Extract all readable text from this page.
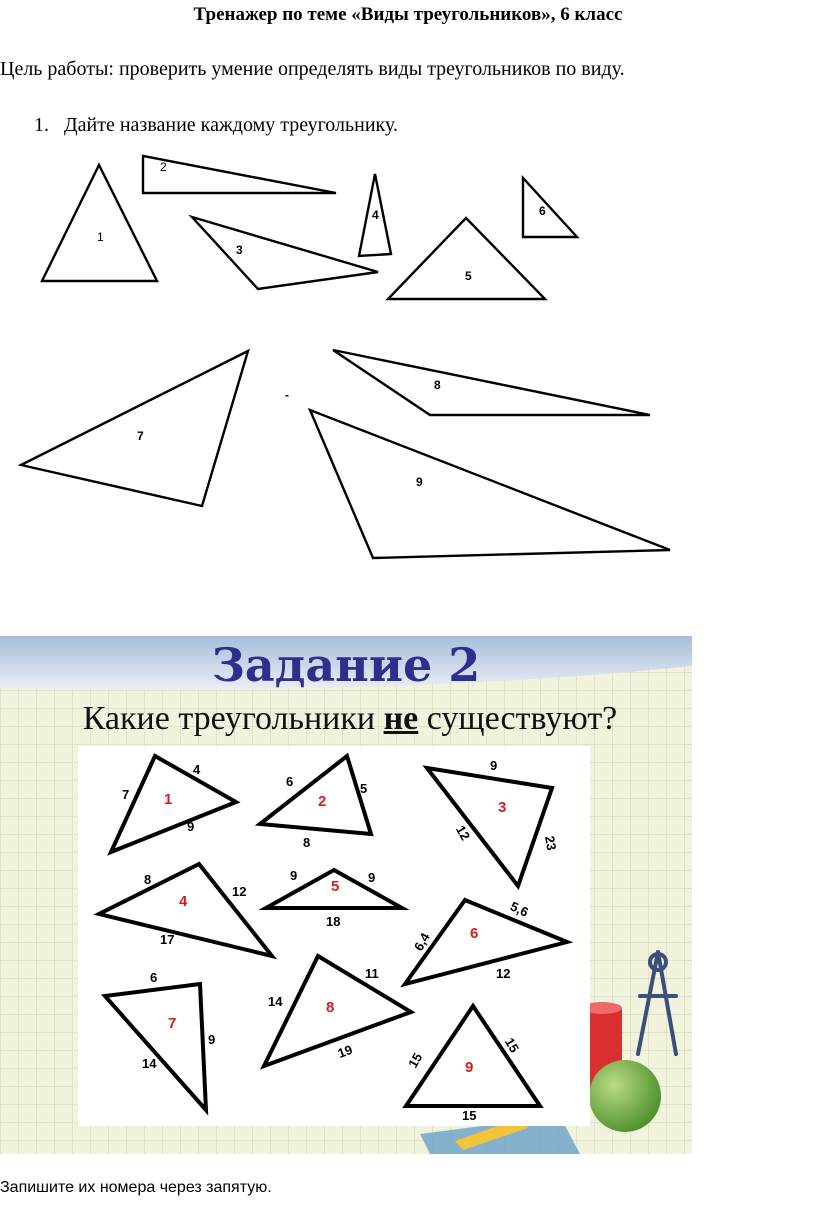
Тренажер по теме «Виды треугольников», 6 класс
Цель работы: проверить умение определять виды треугольников по виду.
1. Дайте название каждому треугольнику.
1
2
3
4
5
6
7
8
9
-
1	2	3
4
5
6
7
8
9
7
4
9
6	5
8
9
12
23
8
12
17
9	9
18
6,4
5,6
12
6
9
14
14
11
19	15
15
15
Задание 2
Какие треугольники не существуют?
Запишите их номера через запятую.
